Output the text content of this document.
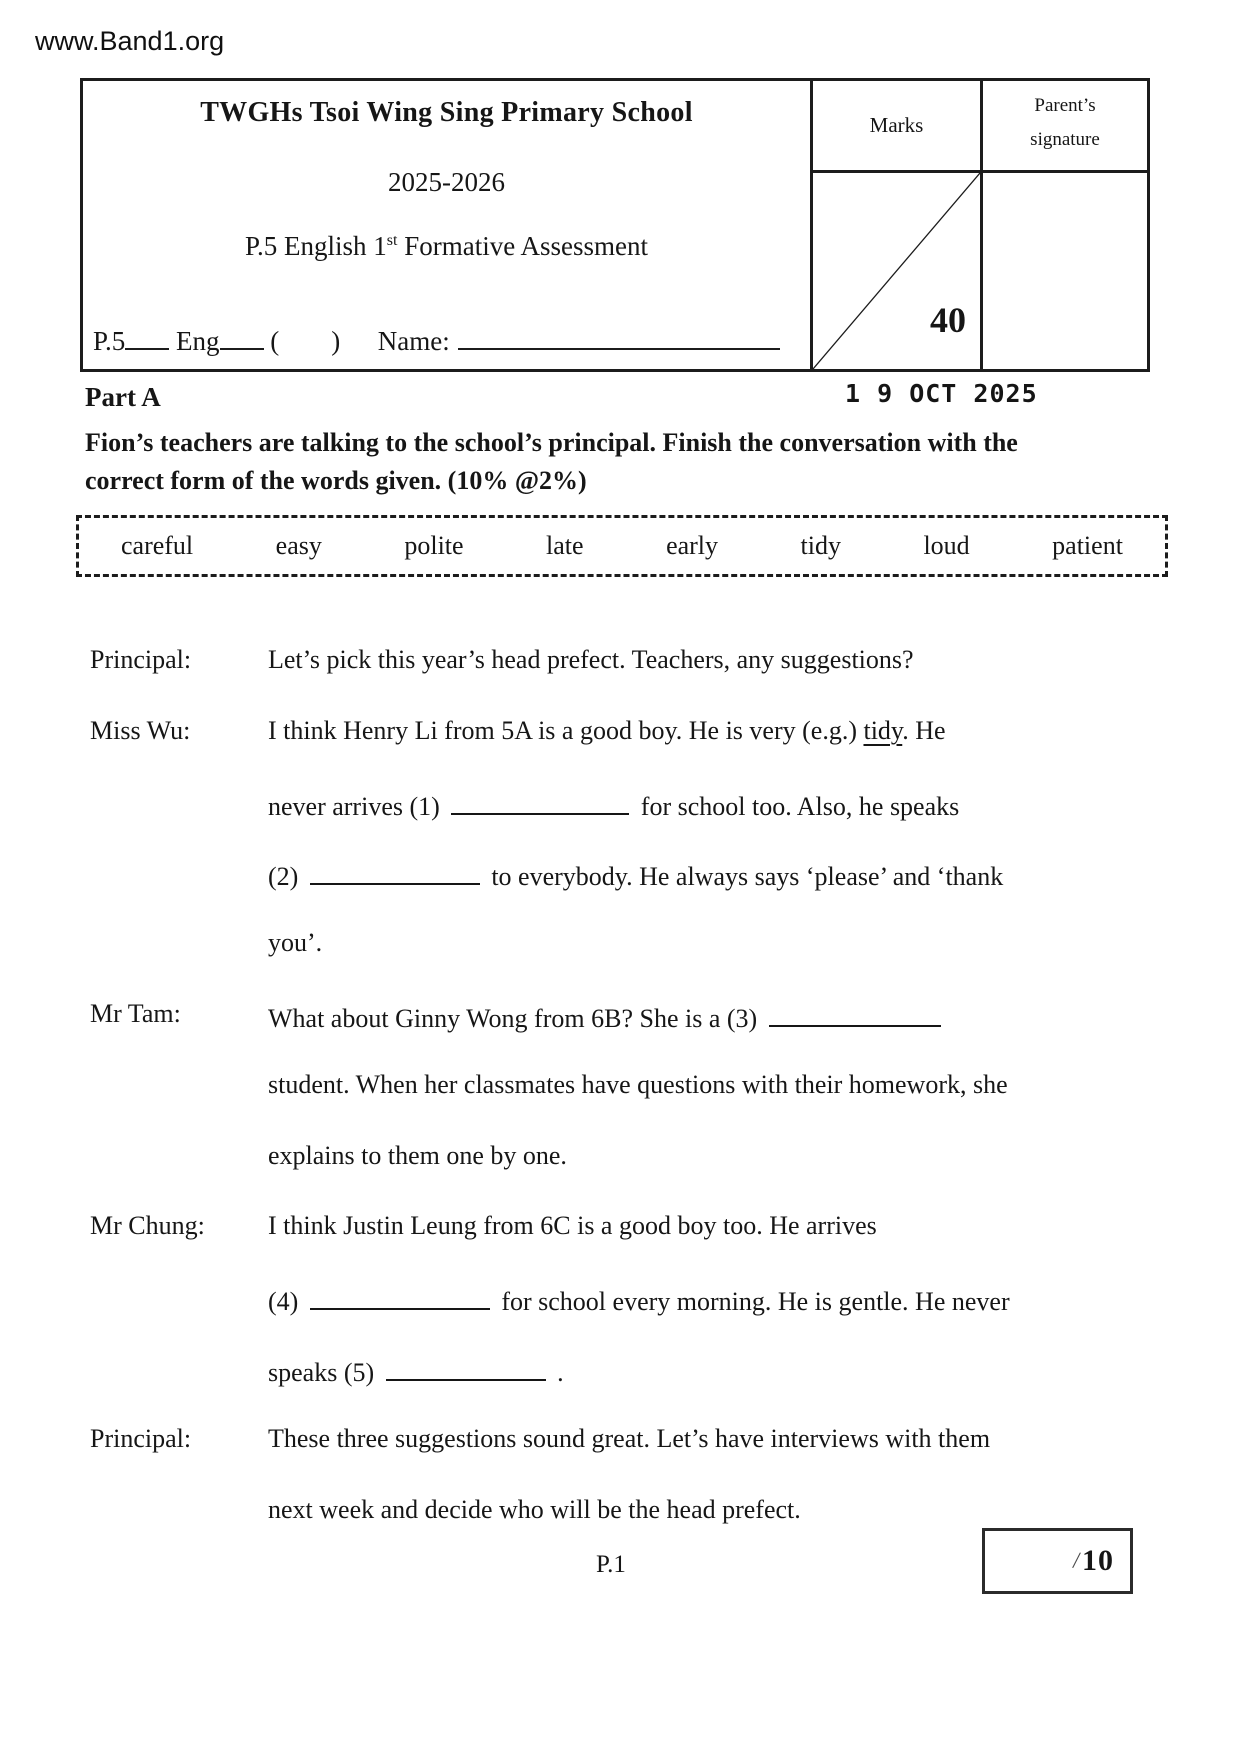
www.Band1.org
TWGHs Tsoi Wing Sing Primary School
2025-2026
P.5 English 1st Formative Assessment
P.5 Eng ( ) Name:
Marks
40
Parent’s
signature
Part A	1 9 OCT 2025
Fion’s teachers are talking to the school’s principal. Finish the conversation with the
correct form of the words given. (10% @2%)
careful	easy	polite	late	early	tidy	loud	patient
Principal:	Let’s pick this year’s head prefect. Teachers, any suggestions?
Miss Wu:	I think Henry Li from 5A is a good boy. He is very (e.g.) tidy. He
never arrives (1)	for school too. Also, he speaks
(2)	to everybody. He always says ‘please’ and ‘thank
you’.
Mr Tam:	What about Ginny Wong from 6B? She is a (3)
student. When her classmates have questions with their homework, she
explains to them one by one.
Mr Chung: I think Justin Leung from 6C is a good boy too. He arrives
(4)	for school every morning. He is gentle. He never
speaks (5)	.
Principal:	These three suggestions sound great. Let’s have interviews with them
next week and decide who will be the head prefect.
P.1	/ 10
